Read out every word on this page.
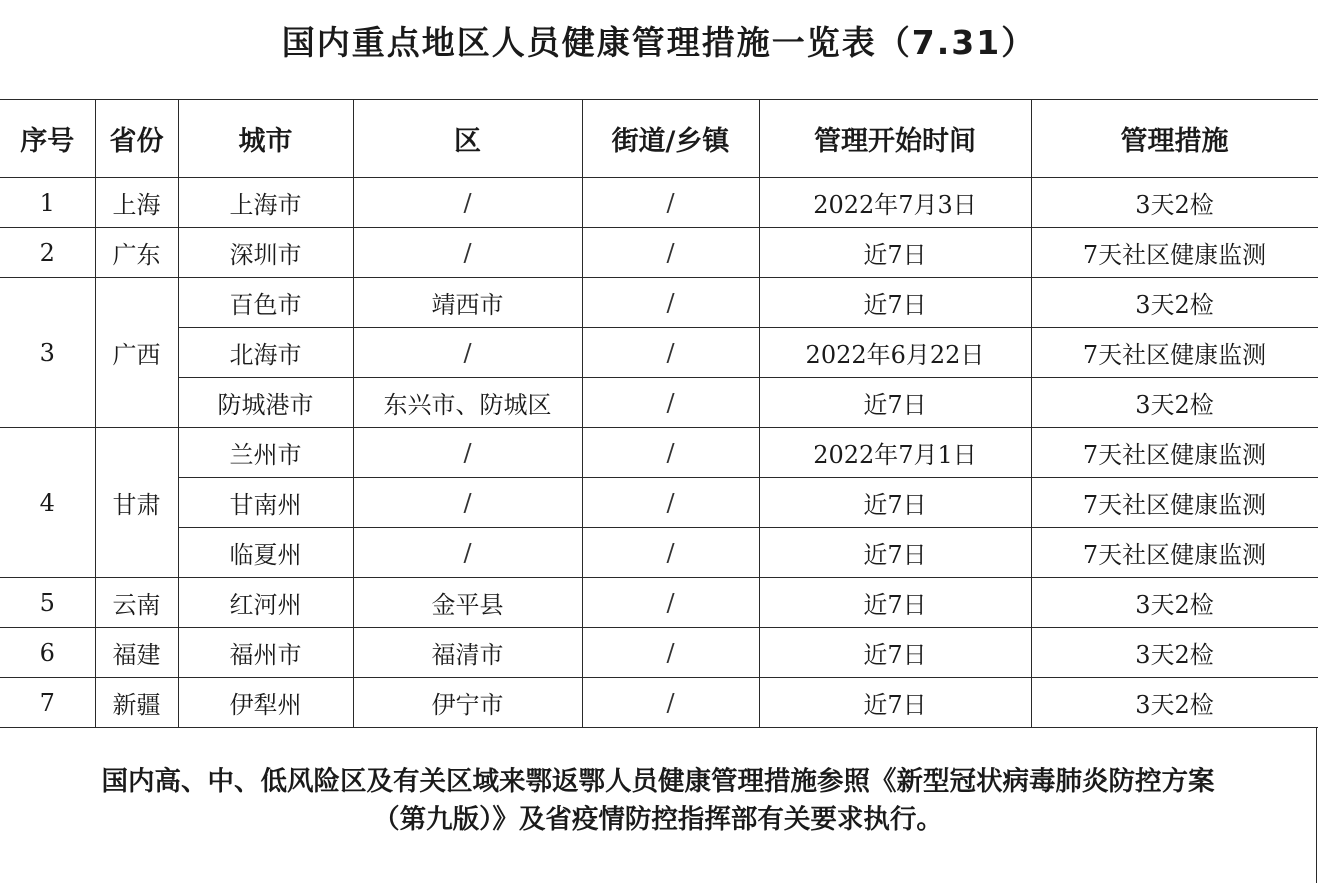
国内重点地区人员健康管理措施一览表（7.31）
序号	省份	城市	区	街道/乡镇	管理开始时间	管理措施
1	上海	上海市	/	/	2022年7月3日	3天2检
2	广东	深圳市	/	/	近7日	7天社区健康监测
3	广西	百色市	靖西市	/	近7日	3天2检
		北海市	/	/	2022年6月22日	7天社区健康监测
		防城港市	东兴市、防城区	/	近7日	3天2检
4	甘肃	兰州市	/	/	2022年7月1日	7天社区健康监测
		甘南州	/	/	近7日	7天社区健康监测
		临夏州	/	/	近7日	7天社区健康监测
5	云南	红河州	金平县	/	近7日	3天2检
6	福建	福州市	福清市	/	近7日	3天2检
7	新疆	伊犁州	伊宁市	/	近7日	3天2检
国内高、中、低风险区及有关区域来鄂返鄂人员健康管理措施参照《新型冠状病毒肺炎防控方案
（第九版）》及省疫情防控指挥部有关要求执行。
